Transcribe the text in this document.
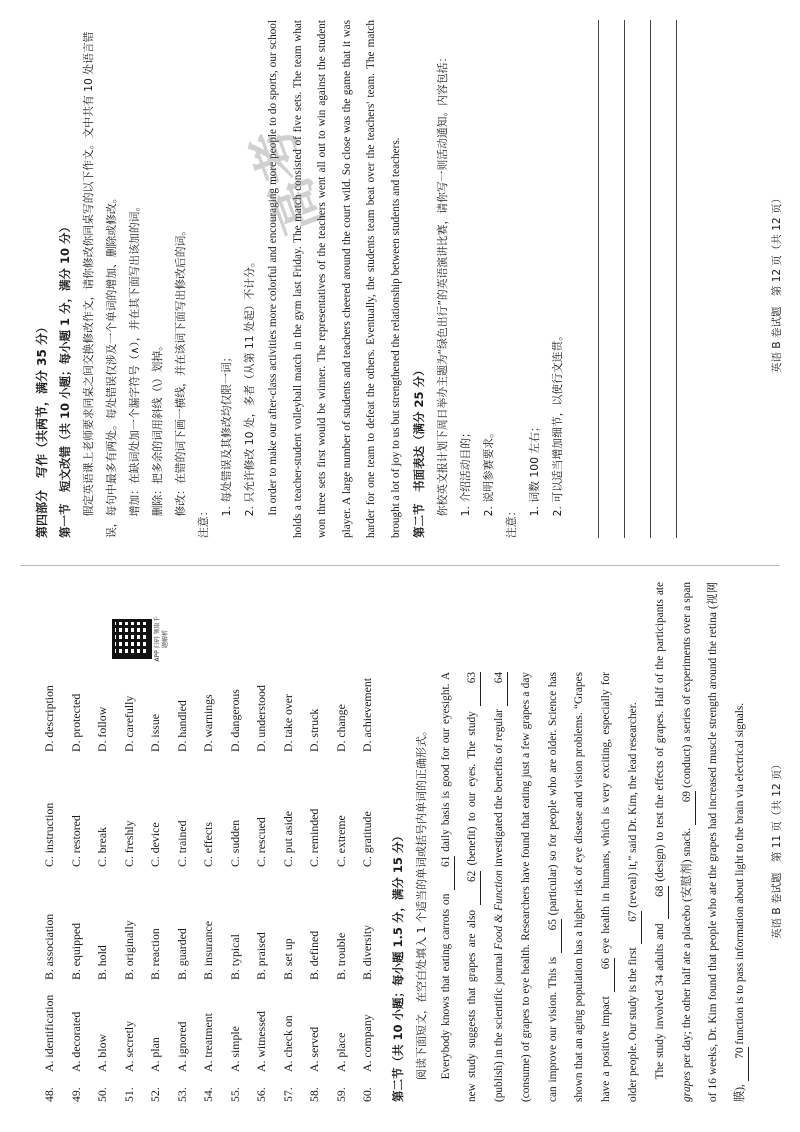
48.
A. identification
B. association
C. instruction
D. description
49.
A. decorated
B. equipped
C. restored
D. protected
50.
A. blow
B. hold
C. break
D. follow
51.
A. secretly
B. originally
C. freshly
D. carefully
52.
A. plan
B. reaction
C. device
D. issue
53.
A. ignored
B. guarded
C. trained
D. handled
54.
A. treatment
B. insurance
C. effects
D. warnings
55.
A. simple
B. typical
C. sudden
D. dangerous
56.
A. witnessed
B. praised
C. rescued
D. understood
57.
A. check on
B. set up
C. put aside
D. take over
58.
A. served
B. defined
C. reminded
D. struck
59.
A. place
B. trouble
C. extreme
D. change
60.
A. company
B. diversity
C. gratitude
D. achievement
第二节（共 10 小题；每小题 1.5 分，满分 15 分） 阅读下面短文，在空白处填入 1 个适当的单词或括号内单词的正确形式。
APP 扫码 领取千题解析

Everybody knows that eating carrots on 61 daily basis is good for our eyesight. A new study suggests that grapes are also 62 (benefit) to our eyes. The study 63 (publish) in the scientific journal Food & Function investigated the benefits of regular 64 (consume) of grapes to eye health. Researchers have found that eating just a few grapes a day can improve our vision. This is 65 (particular) so for people who are older. Science has shown that an aging population has a higher risk of eye disease and vision problems. “Grapes have a positive impact 66 eye health in humans, which is very exciting, especially for older people. Our study is the first 67 (reveal) it,” said Dr. Kim, the lead researcher.

The study involved 34 adults and 68 (design) to test the effects of grapes. Half of the participants ate grapes per day; the other half ate a placebo (安慰剂) snack. 69 (conduct) a series of experiments over a span of 16 weeks, Dr. Kim found that people who ate the grapes had increased muscle strength around the retina (视网膜), 70 function is to pass information about light to the brain via electrical signals.	英语 B 卷试题　第 11 页（共 12 页）
第四部分　写作（共两节，满分 35 分） 第一节　短文改错（共 10 小题；每小题 1 分，满分 10 分） 假定英语课上老师要求同桌之间交换修改作文，请你修改你同桌写的以下作文。文中共有 10 处语言错误，每句中最多有两处。每处错误仅涉及一个单词的增加、删除或修改。 增加：在缺词处加一个漏字符号（∧），并在其下面写出该加的词。 删除：把多余的词用斜线（\）划掉。 修改：在错的词下画一横线，并在该词下面写出修改后的词。

注意：

1. 每处错误及其修改均仅限一词； 2. 只允许修改 10 处，多者（从第 11 处起）不计分。 In order to make our after-class activities more colorful and encouraging more people to do sports, our school holds a teacher-student volleyball match in the gym last Friday. The match consisted of five sets. The team what won three sets first would be winner. The representatives of the teachers went all out to win against the student player. A large number of students and teachers cheered around the court wild. So close was the game that it was harder for one team to defeat the others. Eventually, the students team beat over the teachers' team. The match brought a lot of joy to us but strengthened the relationship between students and teachers. 第二节　书面表达（满分 25 分） 你校英文报计划下周日举办主题为“绿色出行”的英语演讲比赛，请你写一则活动通知。内容包括： 1. 介绍活动目的； 2. 说明参赛要求。

注意：

1. 词数 100 左右； 2. 可以适当增加细节，以使行文连贯。

高考
英语 B 卷试题　第 12 页（共 12 页）
